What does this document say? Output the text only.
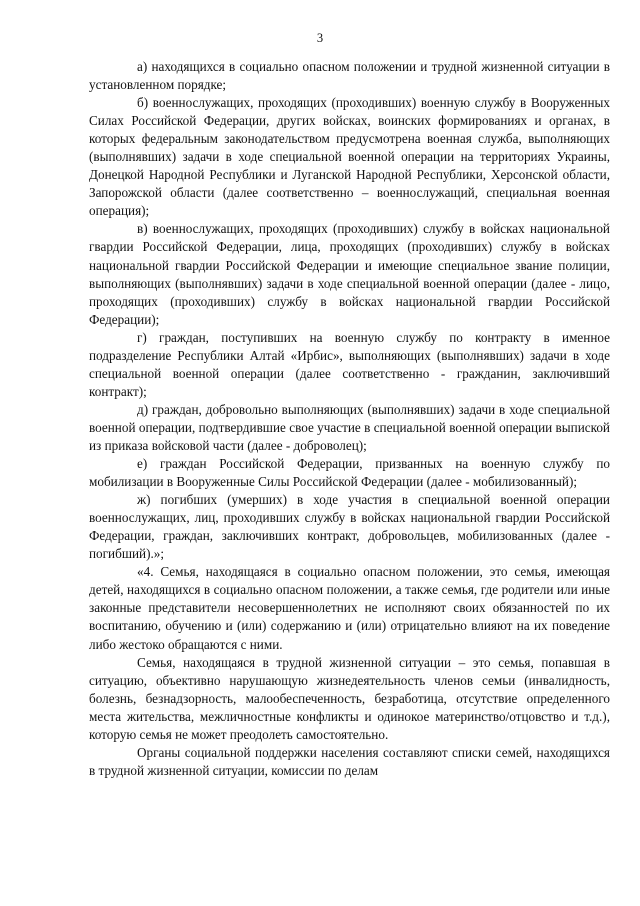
3

а) находящихся в социально опасном положении и трудной жизненной ситуации в установленном порядке;

б) военнослужащих, проходящих (проходивших) военную службу в Вооруженных Силах Российской Федерации, других войсках, воинских формированиях и органах, в которых федеральным законодательством предусмотрена военная служба, выполняющих (выполнявших) задачи в ходе специальной военной операции на территориях Украины, Донецкой Народной Республики и Луганской Народной Республики, Херсонской области, Запорожской области (далее соответственно – военнослужащий, специальная военная операция);

в) военнослужащих, проходящих (проходивших) службу в войсках национальной гвардии Российской Федерации, лица, проходящих (проходивших) службу в войсках национальной гвардии Российской Федерации и имеющие специальное звание полиции, выполняющих (выполнявших) задачи в ходе специальной военной операции (далее - лицо, проходящих (проходивших) службу в войсках национальной гвардии Российской Федерации);

г) граждан, поступивших на военную службу по контракту в именное подразделение Республики Алтай «Ирбис», выполняющих (выполнявших) задачи в ходе специальной военной операции (далее соответственно - гражданин, заключивший контракт);

д) граждан, добровольно выполняющих (выполнявших) задачи в ходе специальной военной операции, подтвердившие свое участие в специальной военной операции выпиской из приказа войсковой части (далее - доброволец);

е) граждан Российской Федерации, призванных на военную службу по мобилизации в Вооруженные Силы Российской Федерации (далее - мобилизованный);

ж) погибших (умерших) в ходе участия в специальной военной операции военнослужащих, лиц, проходивших службу в войсках национальной гвардии Российской Федерации, граждан, заключивших контракт, добровольцев, мобилизованных (далее - погибший).»;

«4. Семья, находящаяся в социально опасном положении, это семья, имеющая детей, находящихся в социально опасном положении, а также семья, где родители или иные законные представители несовершеннолетних не исполняют своих обязанностей по их воспитанию, обучению и (или) содержанию и (или) отрицательно влияют на их поведение либо жестоко обращаются с ними.

Семья, находящаяся в трудной жизненной ситуации – это семья, попавшая в ситуацию, объективно нарушающую жизнедеятельность членов семьи (инвалидность, болезнь, безнадзорность, малообеспеченность, безработица, отсутствие определенного места жительства, межличностные конфликты и одинокое материнство/отцовство и т.д.), которую семья не может преодолеть самостоятельно.

Органы социальной поддержки населения составляют списки семей, находящихся в трудной жизненной ситуации, комиссии по делам
